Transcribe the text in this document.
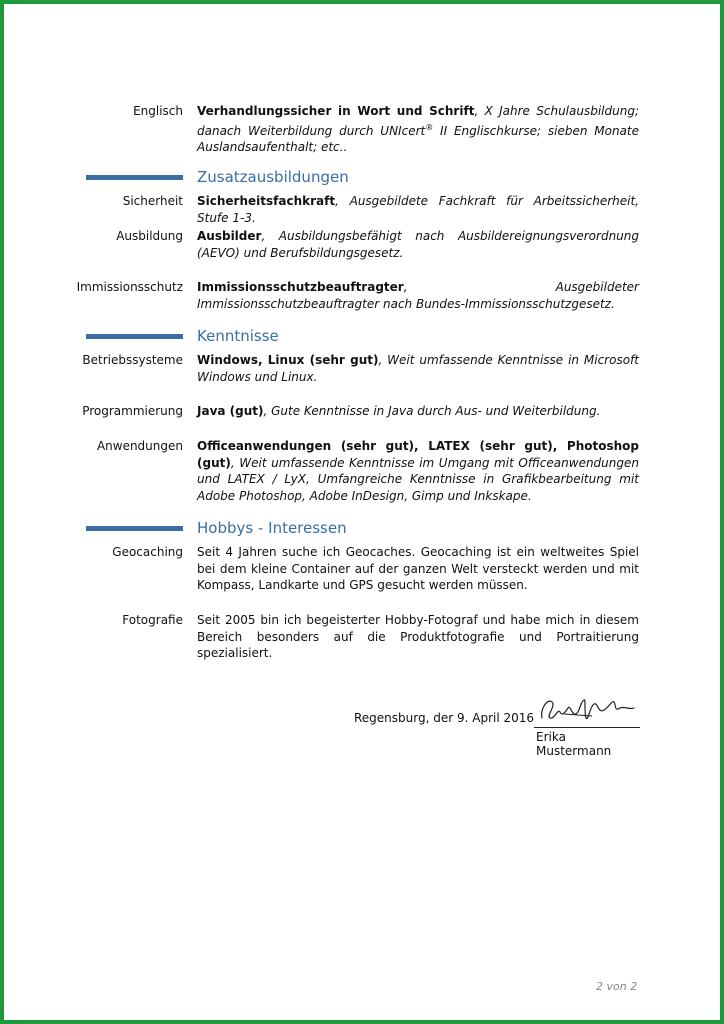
Englisch Verhandlungssicher in Wort und Schrift, X Jahre Schulausbildung; danach Weiterbildung durch UNIcert® II Englischkurse; sieben Monate Auslandsaufenthalt; etc..
Zusatzausbildungen
Sicherheit Sicherheitsfachkraft, Ausgebildete Fachkraft für Arbeitssicherheit, Stufe 1-3.
Ausbildung Ausbilder, Ausbildungsbefähigt nach Ausbildereignungsverordnung (AEVO) und Berufsbildungsgesetz.
Immissionsschutz Immissionsschutzbeauftragter, Ausgebildeter Immissionsschutzbeauftragter nach Bundes-Immissionsschutzgesetz.
Kenntnisse
Betriebssysteme Windows, Linux (sehr gut), Weit umfassende Kenntnisse in Microsoft Windows und Linux.
Programmierung Java (gut), Gute Kenntnisse in Java durch Aus- und Weiterbildung.
Anwendungen Officeanwendungen (sehr gut), LATEX (sehr gut), Photoshop (gut), Weit umfassende Kenntnisse im Umgang mit Officeanwendungen und LATEX / LyX, Umfangreiche Kenntnisse in Grafikbearbeitung mit Adobe Photoshop, Adobe InDesign, Gimp und Inkskape.
Hobbys - Interessen
Geocaching Seit 4 Jahren suche ich Geocaches. Geocaching ist ein weltweites Spiel bei dem kleine Container auf der ganzen Welt versteckt werden und mit Kompass, Landkarte und GPS gesucht werden müssen.
Fotografie Seit 2005 bin ich begeisterter Hobby-Fotograf und habe mich in diesem Bereich besonders auf die Produktfotografie und Portraitierung spezialisiert.
Regensburg, der 9. April 2016
Erika Mustermann
2 von 2
